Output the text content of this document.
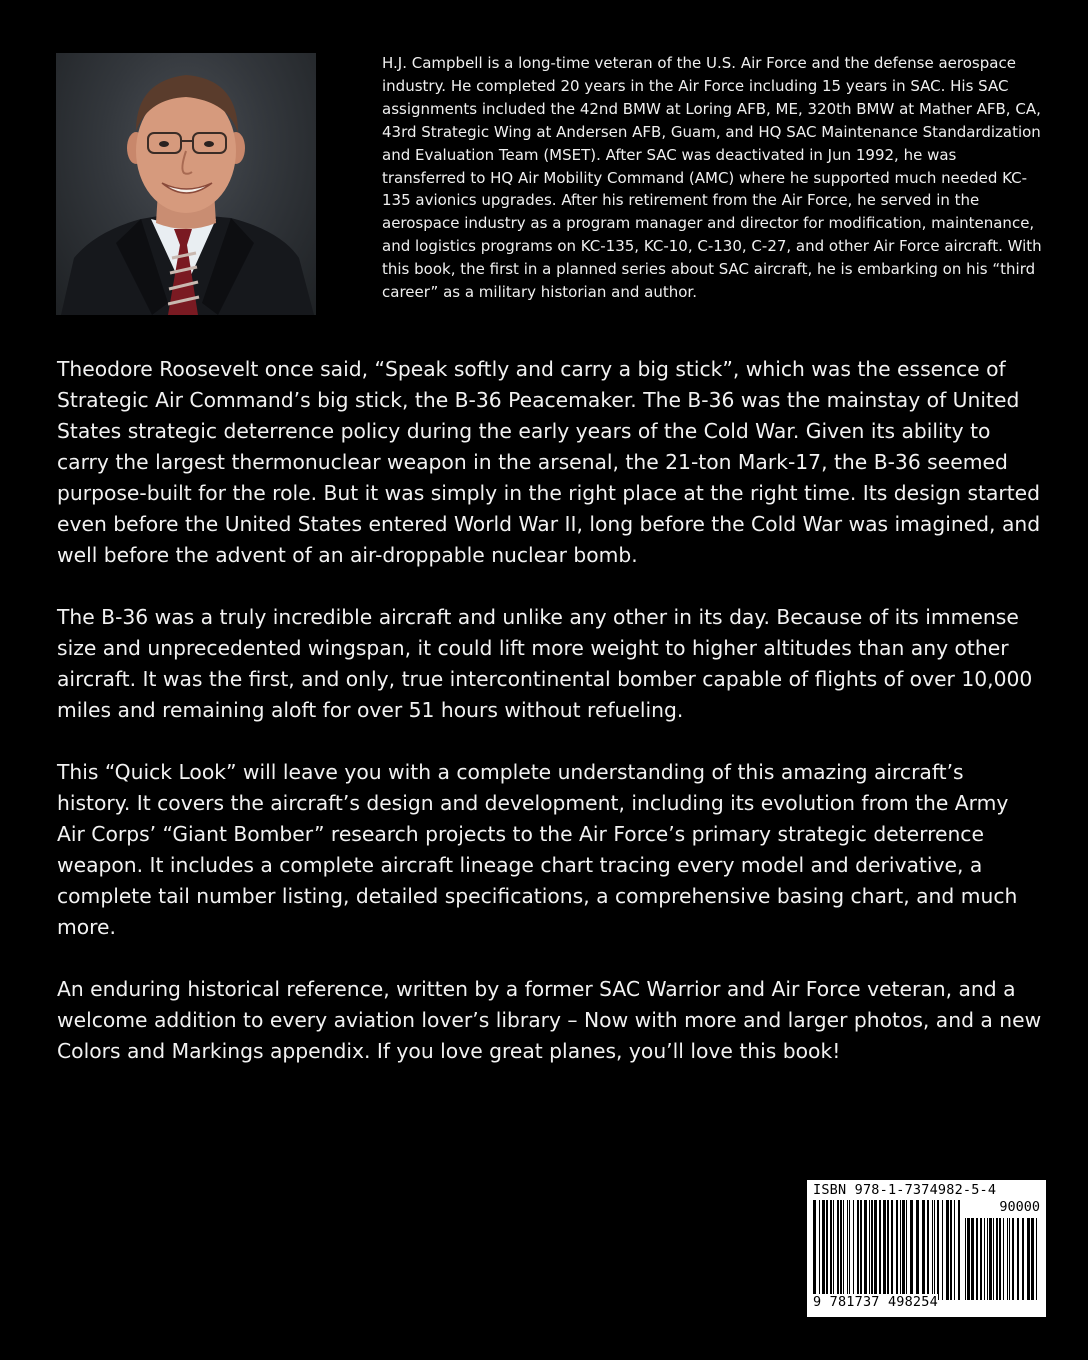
H.J. Campbell is a long-time veteran of the U.S. Air Force and the defense aerospace industry. He completed 20 years in the Air Force including 15 years in SAC. His SAC assignments included the 42nd BMW at Loring AFB, ME, 320th BMW at Mather AFB, CA, 43rd Strategic Wing at Andersen AFB, Guam, and HQ SAC Maintenance Standardization and Evaluation Team (MSET). After SAC was deactivated in Jun 1992, he was transferred to HQ Air Mobility Command (AMC) where he supported much needed KC-135 avionics upgrades. After his retirement from the Air Force, he served in the aerospace industry as a program manager and director for modification, maintenance, and logistics programs on KC-135, KC-10, C-130, C-27, and other Air Force aircraft. With this book, the first in a planned series about SAC aircraft, he is embarking on his “third career” as a military historian and author.

Theodore Roosevelt once said, “Speak softly and carry a big stick”, which was the essence of Strategic Air Command’s big stick, the B-36 Peacemaker. The B-36 was the mainstay of United States strategic deterrence policy during the early years of the Cold War. Given its ability to carry the largest thermonuclear weapon in the arsenal, the 21-ton Mark-17, the B-36 seemed purpose-built for the role. But it was simply in the right place at the right time. Its design started even before the United States entered World War II, long before the Cold War was imagined, and well before the advent of an air-droppable nuclear bomb.

The B-36 was a truly incredible aircraft and unlike any other in its day. Because of its immense size and unprecedented wingspan, it could lift more weight to higher altitudes than any other aircraft. It was the first, and only, true intercontinental bomber capable of flights of over 10,000 miles and remaining aloft for over 51 hours without refueling.

This “Quick Look” will leave you with a complete understanding of this amazing aircraft’s history. It covers the aircraft’s design and development, including its evolution from the Army Air Corps’ “Giant Bomber” research projects to the Air Force’s primary strategic deterrence weapon. It includes a complete aircraft lineage chart tracing every model and derivative, a complete tail number listing, detailed specifications, a comprehensive basing chart, and much more.

An enduring historical reference, written by a former SAC Warrior and Air Force veteran, and a welcome addition to every aviation lover’s library – Now with more and larger photos, and a new Colors and Markings appendix. If you love great planes, you’ll love this book!

ISBN 978-1-7374982-5-4
90000
9 781737 498254
